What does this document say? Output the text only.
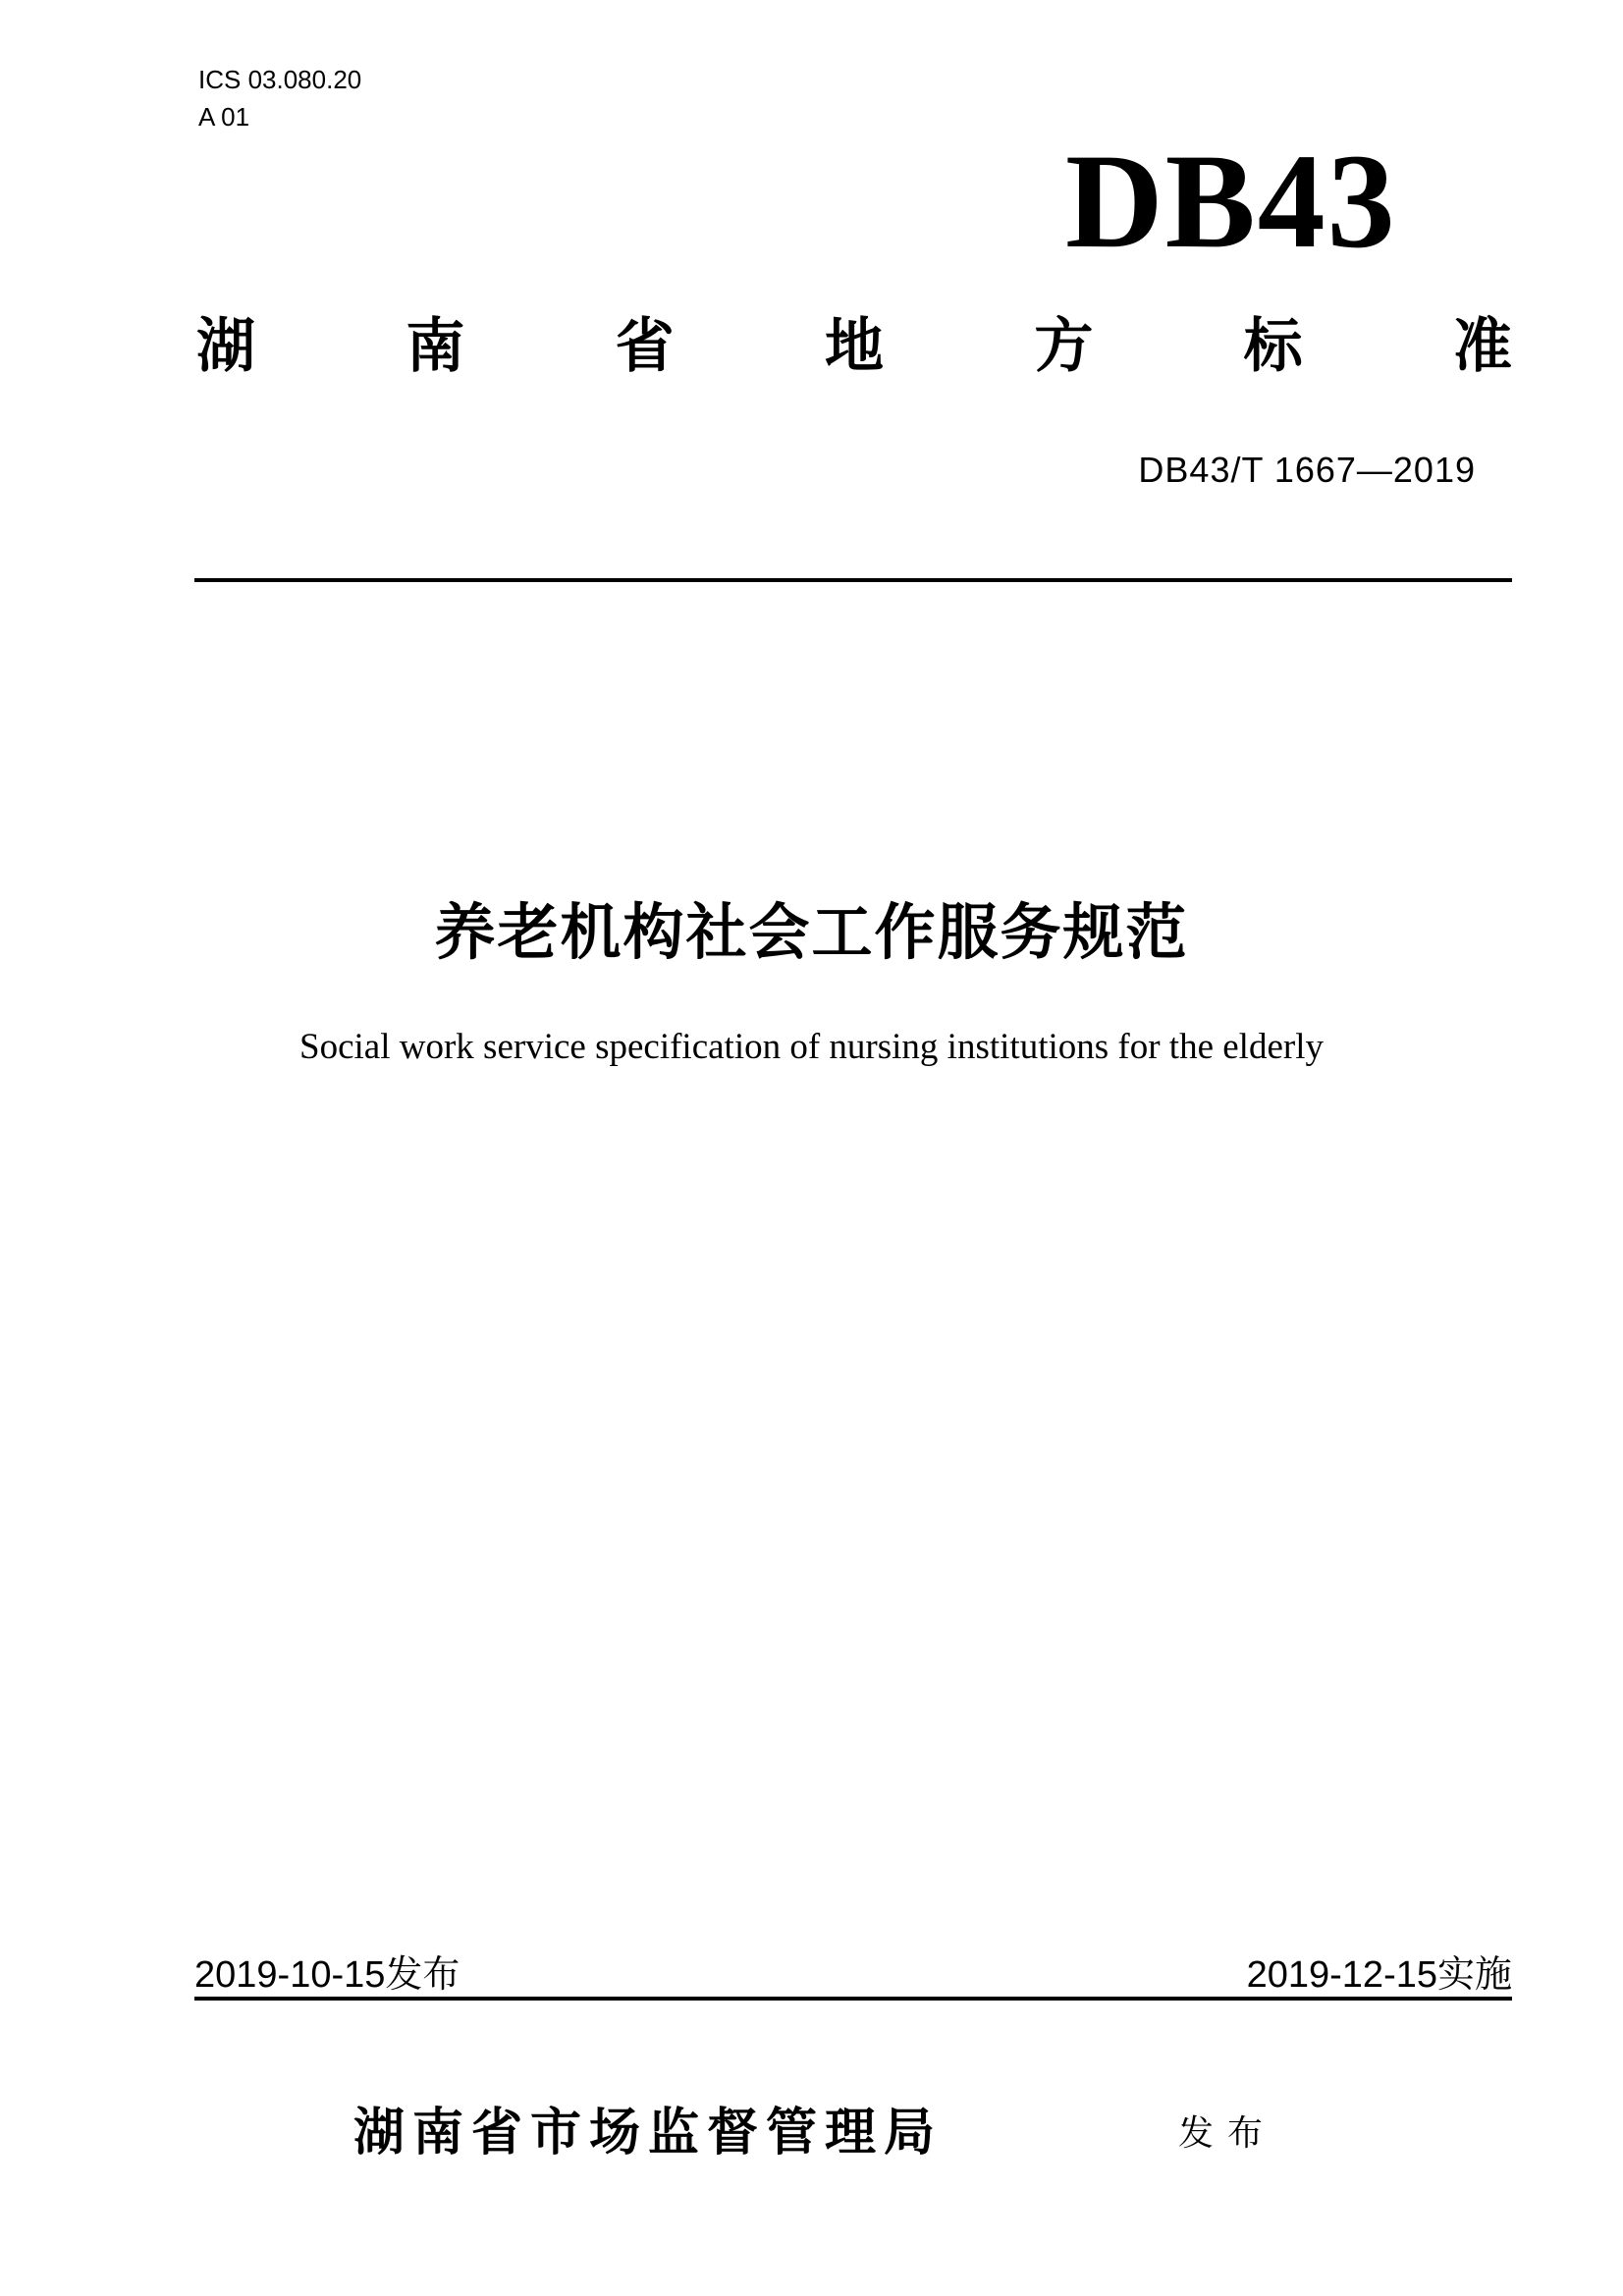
ICS 03.080.20
A 01
DB43
湖	南	省	地	方	标	准
DB43/T 1667—2019
养老机构社会工作服务规范
Social work service specification of nursing institutions for the elderly
2019-10-15发布	2019-12-15实施
湖南省市场监督管理局	发布
